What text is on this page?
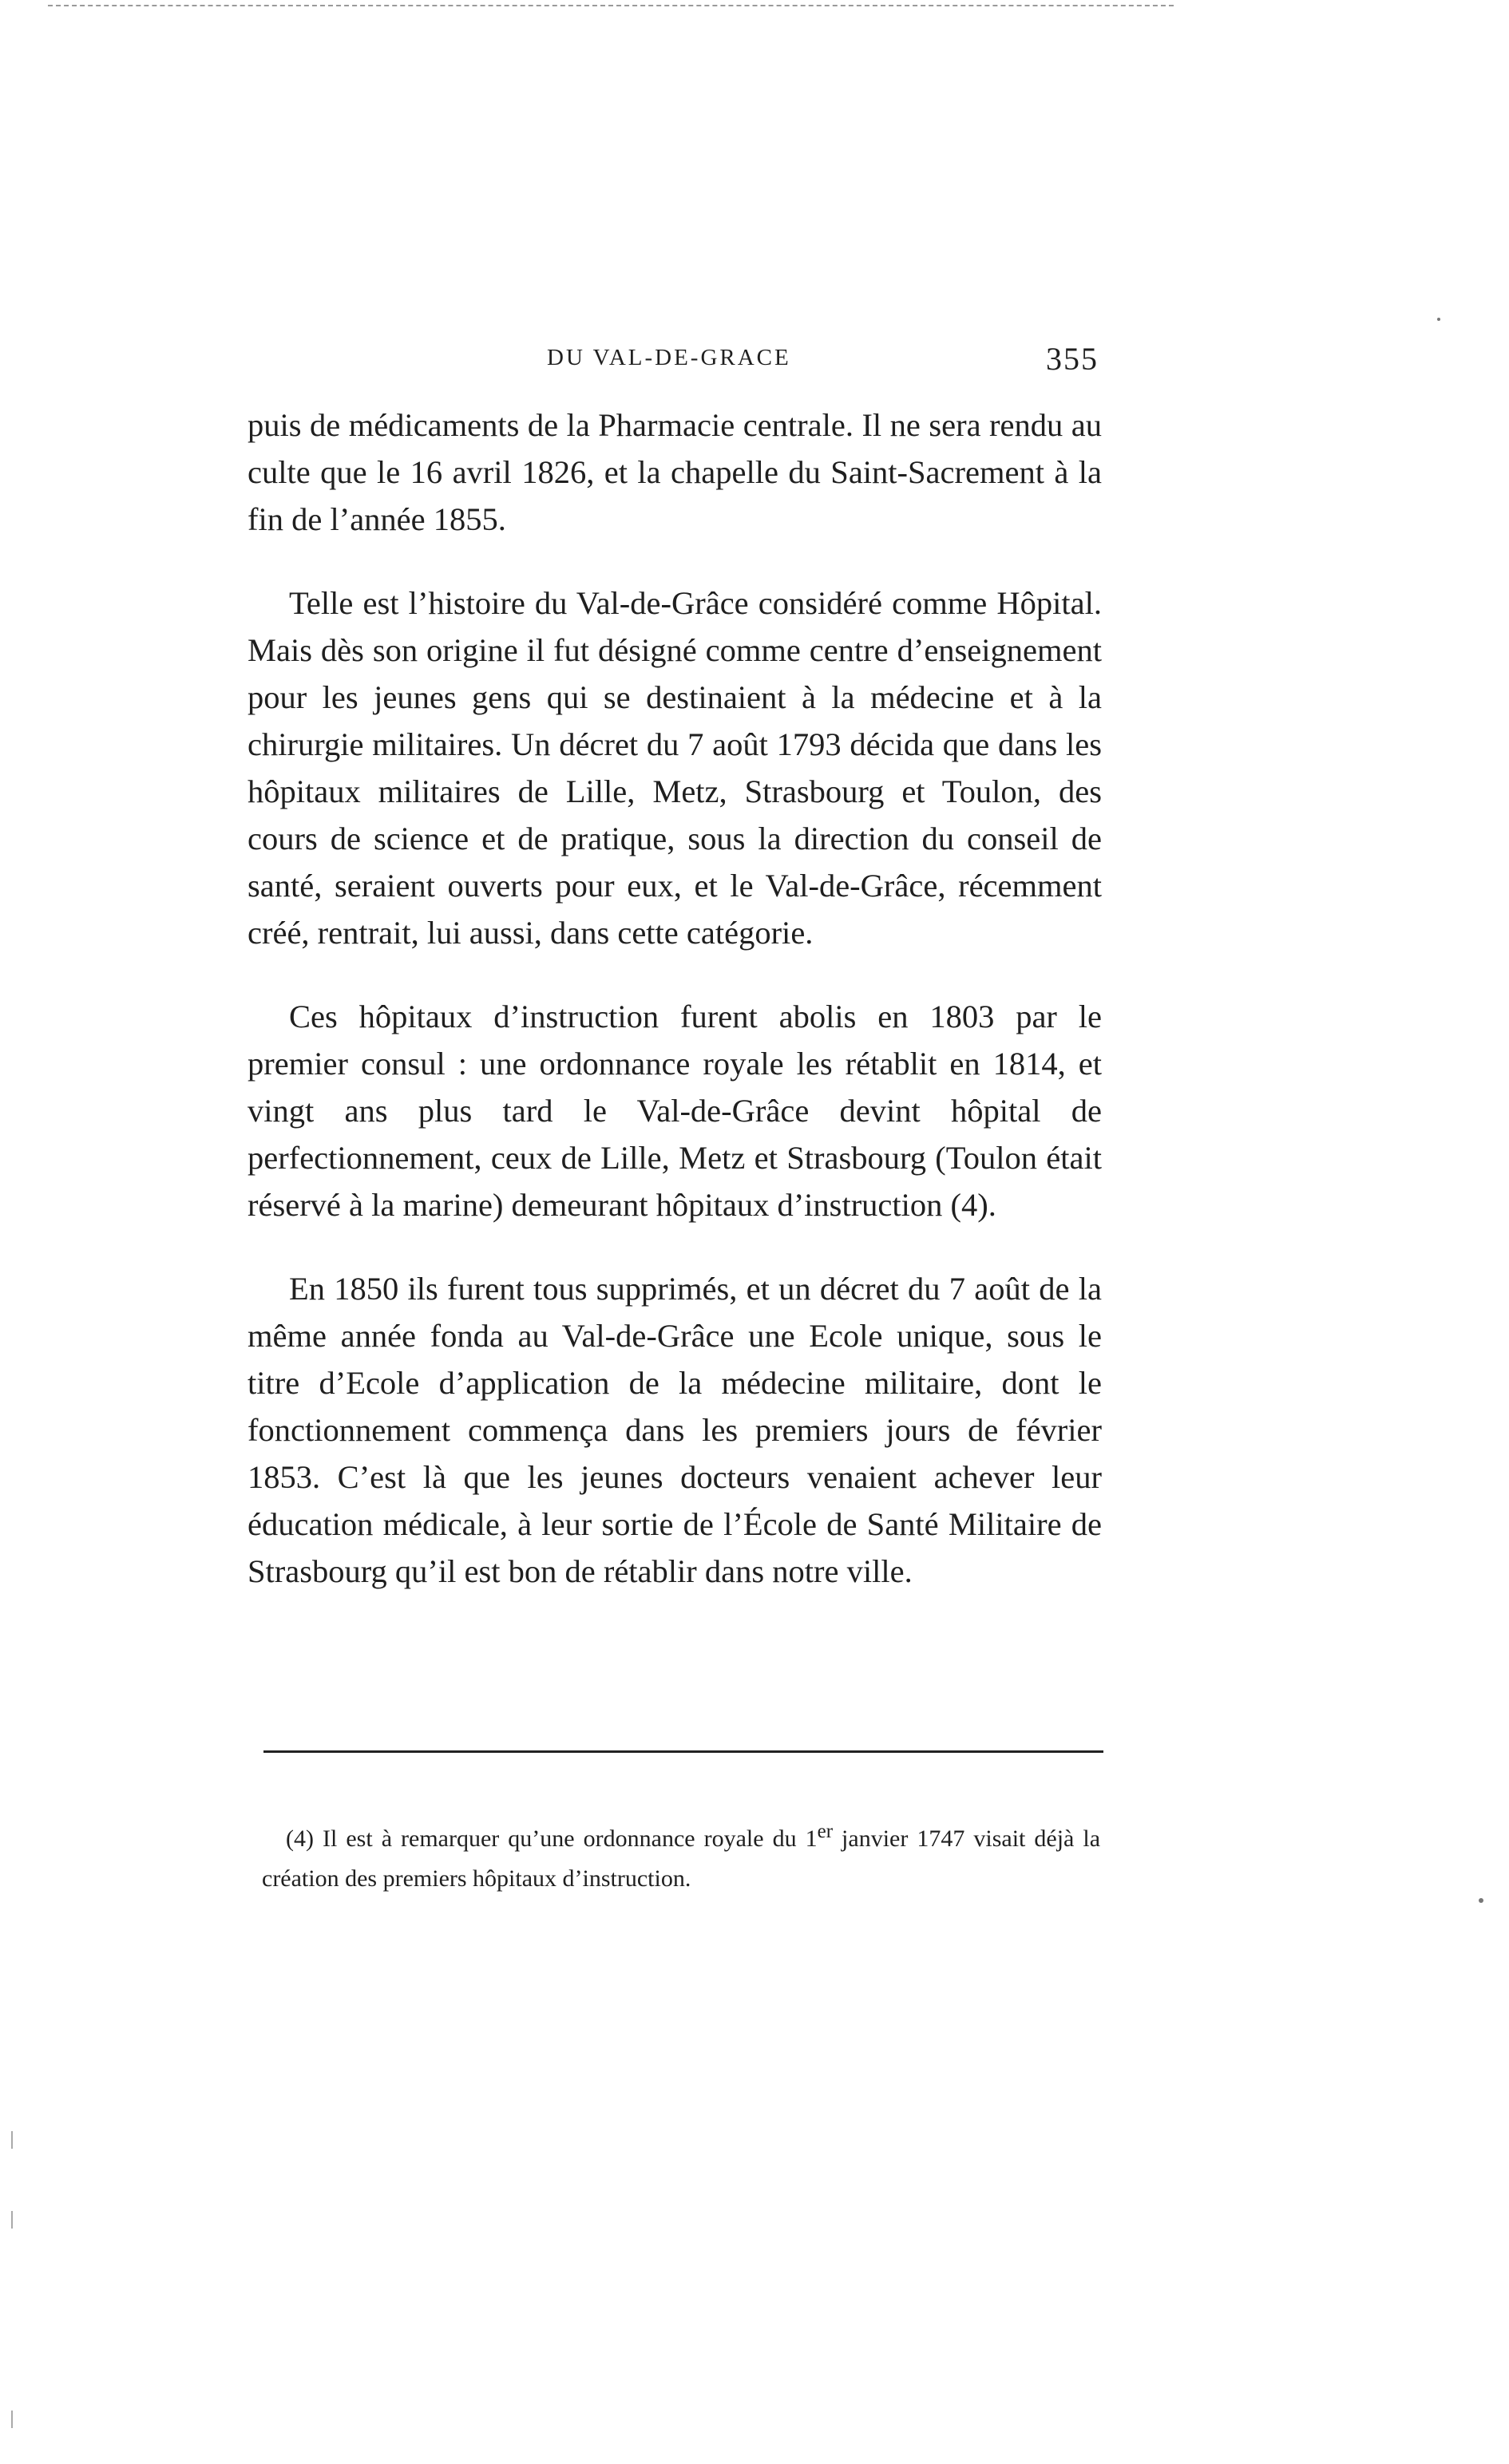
DU VAL-DE-GRACE	355

puis de médicaments de la Pharmacie centrale. Il ne sera rendu au culte que le 16 avril 1826, et la chapelle du Saint-Sacrement à la fin de l’année 1855.

Telle est l’histoire du Val-de-Grâce considéré comme Hôpital. Mais dès son origine il fut désigné comme centre d’enseignement pour les jeunes gens qui se destinaient à la médecine et à la chirurgie militaires. Un décret du 7 août 1793 décida que dans les hôpitaux militaires de Lille, Metz, Strasbourg et Toulon, des cours de science et de pratique, sous la direction du conseil de santé, seraient ouverts pour eux, et le Val-de-Grâce, récemment créé, rentrait, lui aussi, dans cette catégorie.

Ces hôpitaux d’instruction furent abolis en 1803 par le premier consul : une ordonnance royale les rétablit en 1814, et vingt ans plus tard le Val-de-Grâce devint hôpital de perfectionnement, ceux de Lille, Metz et Strasbourg (Toulon était réservé à la marine) demeurant hôpitaux d’instruction (4).

En 1850 ils furent tous supprimés, et un décret du 7 août de la même année fonda au Val-de-Grâce une Ecole unique, sous le titre d’Ecole d’application de la médecine militaire, dont le fonctionnement commença dans les premiers jours de février 1853. C’est là que les jeunes docteurs venaient achever leur éducation médicale, à leur sortie de l’École de Santé Militaire de Strasbourg qu’il est bon de rétablir dans notre ville.

(4) Il est à remarquer qu’une ordonnance royale du 1er janvier 1747 visait déjà la création des premiers hôpitaux d’instruction.
